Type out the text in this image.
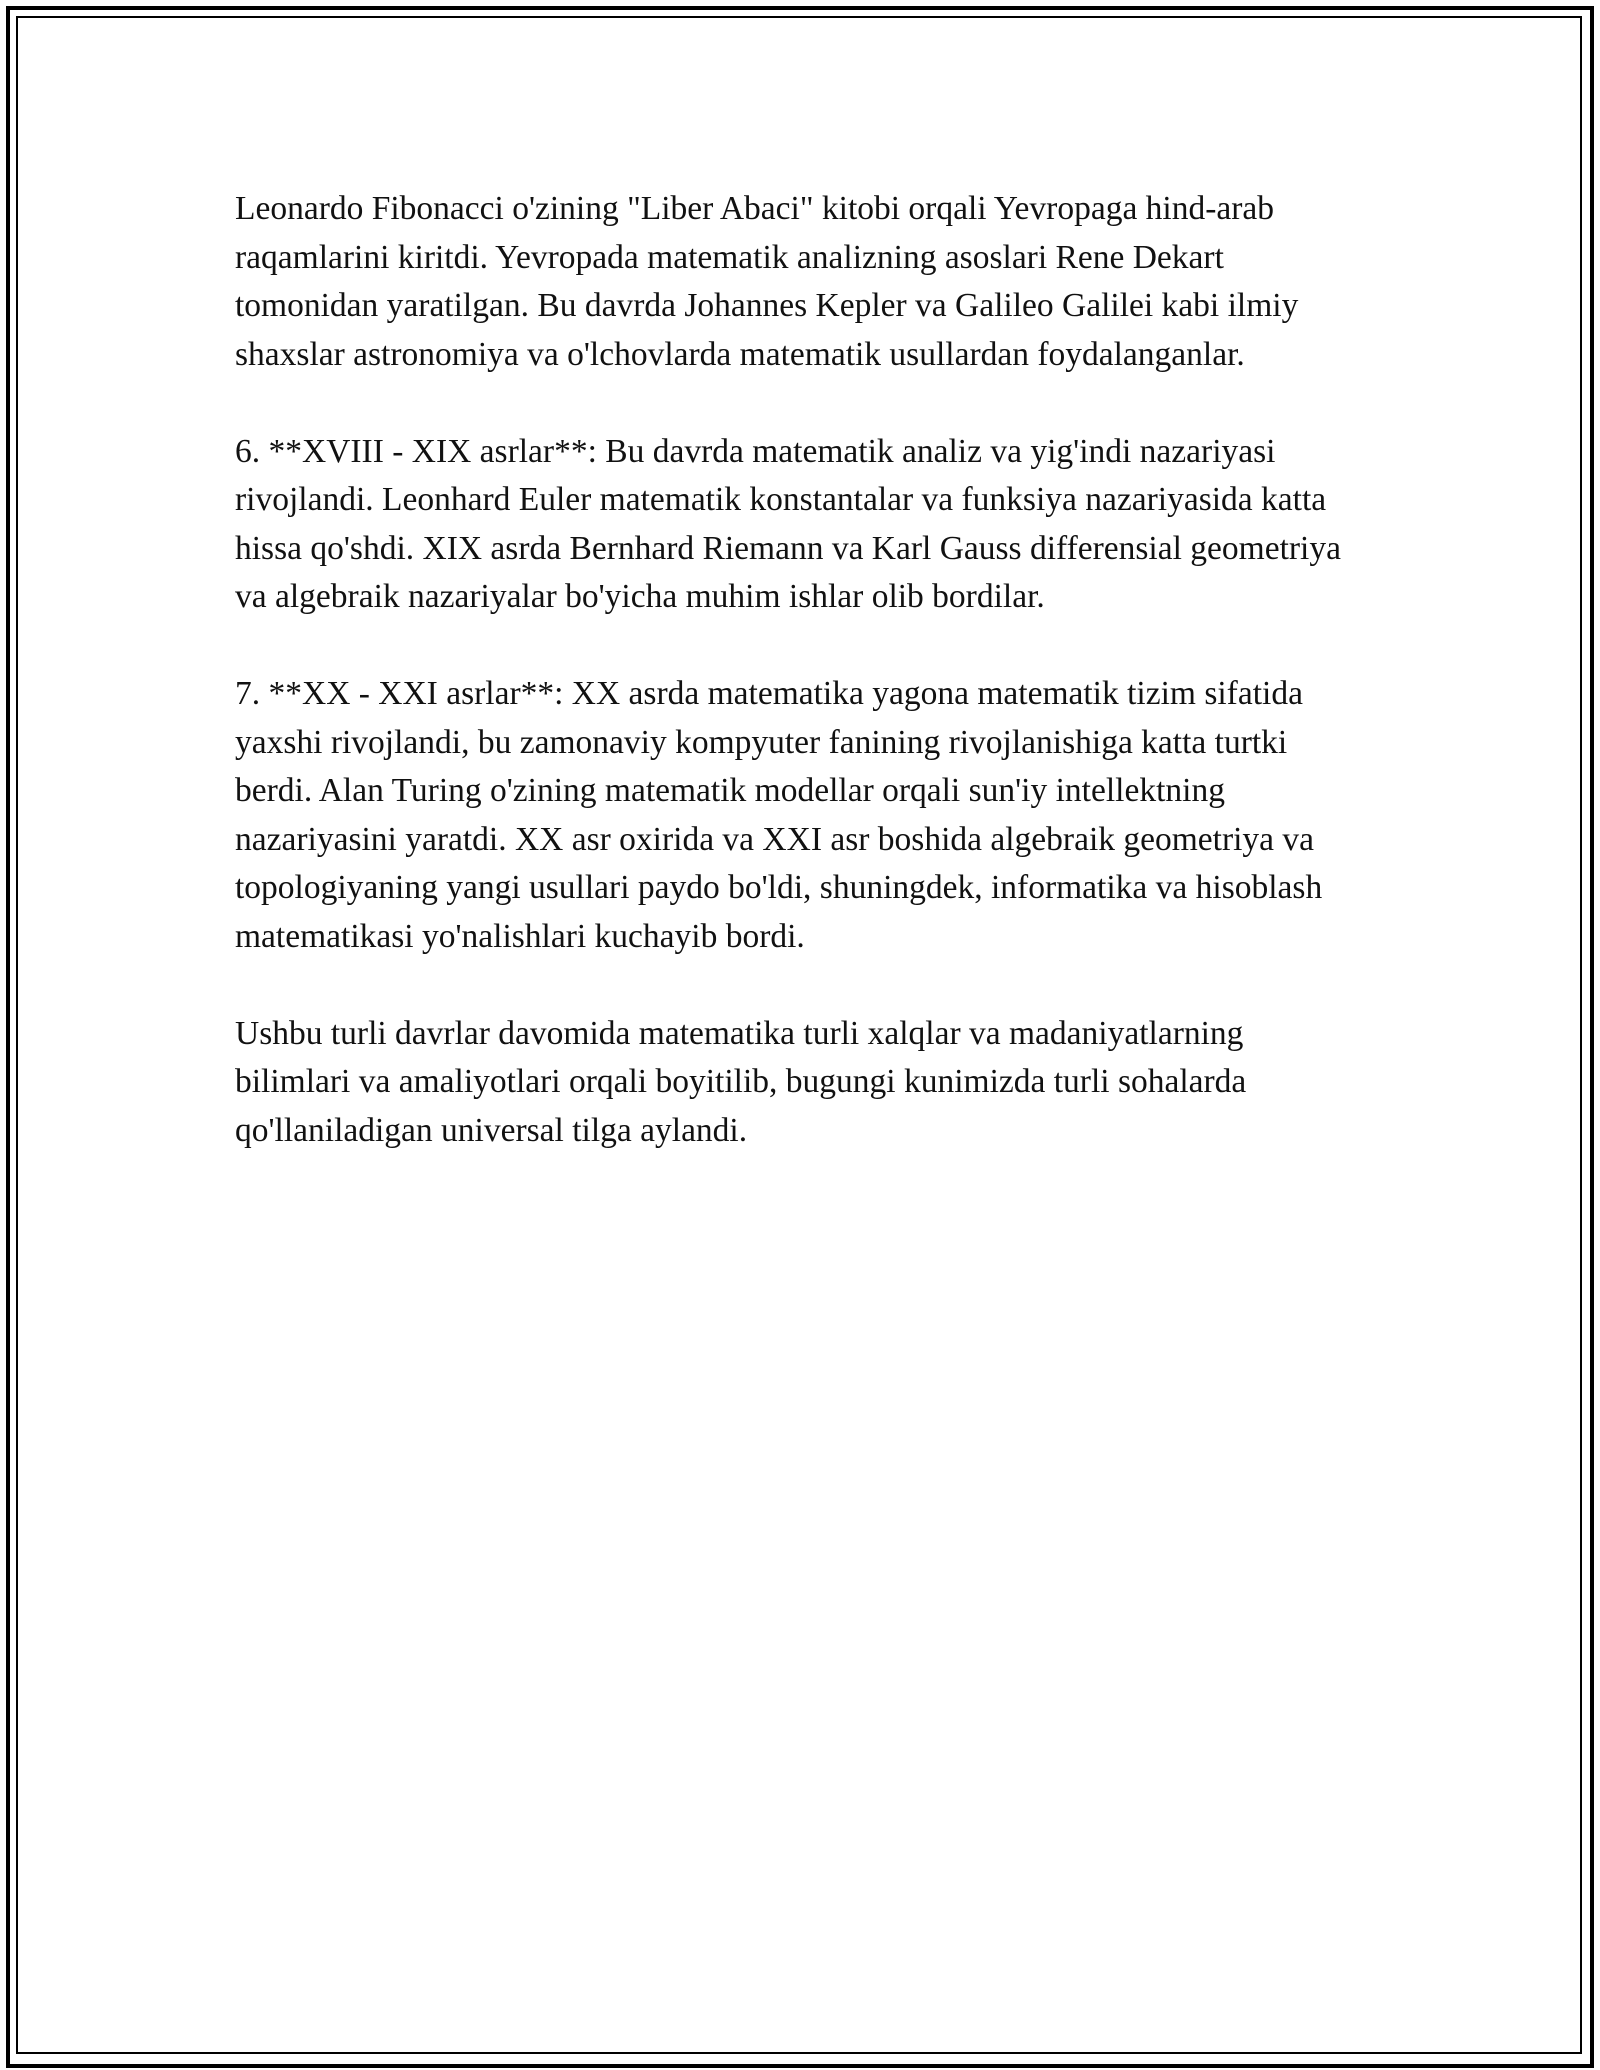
Leonardo Fibonacci o'zining "Liber Abaci" kitobi orqali Yevropaga hind-arab raqamlarini kiritdi. Yevropada matematik analizning asoslari Rene Dekart tomonidan yaratilgan. Bu davrda Johannes Kepler va Galileo Galilei kabi ilmiy shaxslar astronomiya va o'lchovlarda matematik usullardan foydalanganlar.

6. **XVIII - XIX asrlar**: Bu davrda matematik analiz va yig'indi nazariyasi rivojlandi. Leonhard Euler matematik konstantalar va funksiya nazariyasida katta hissa qo'shdi. XIX asrda Bernhard Riemann va Karl Gauss differensial geometriya va algebraik nazariyalar bo'yicha muhim ishlar olib bordilar.

7. **XX - XXI asrlar**: XX asrda matematika yagona matematik tizim sifatida yaxshi rivojlandi, bu zamonaviy kompyuter fanining rivojlanishiga katta turtki berdi. Alan Turing o'zining matematik modellar orqali sun'iy intellektning nazariyasini yaratdi. XX asr oxirida va XXI asr boshida algebraik geometriya va topologiyaning yangi usullari paydo bo'ldi, shuningdek, informatika va hisoblash matematikasi yo'nalishlari kuchayib bordi.

Ushbu turli davrlar davomida matematika turli xalqlar va madaniyatlarning bilimlari va amaliyotlari orqali boyitilib, bugungi kunimizda turli sohalarda qo'llaniladigan universal tilga aylandi.
